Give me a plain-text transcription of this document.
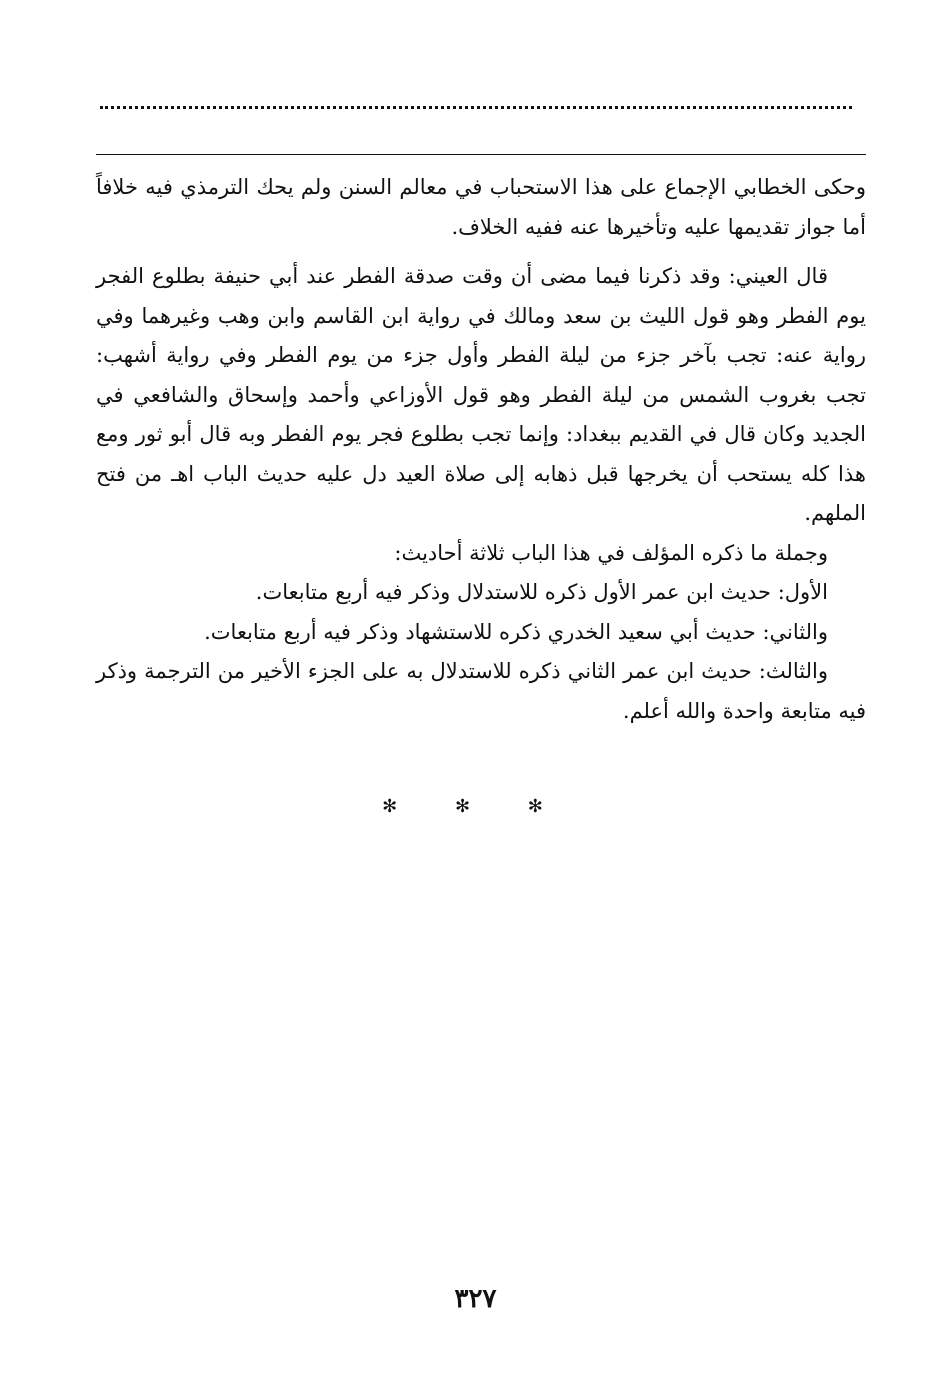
وحكى الخطابي الإجماع على هذا الاستحباب في معالم السنن ولم يحك الترمذي فيه خلافاً أما جواز تقديمها عليه وتأخيرها عنه ففيه الخلاف.

قال العيني: وقد ذكرنا فيما مضى أن وقت صدقة الفطر عند أبي حنيفة بطلوع الفجر يوم الفطر وهو قول الليث بن سعد ومالك في رواية ابن القاسم وابن وهب وغيرهما وفي رواية عنه: تجب بآخر جزء من ليلة الفطر وأول جزء من يوم الفطر وفي رواية أشهب: تجب بغروب الشمس من ليلة الفطر وهو قول الأوزاعي وأحمد وإسحاق والشافعي في الجديد وكان قال في القديم ببغداد: وإنما تجب بطلوع فجر يوم الفطر وبه قال أبو ثور ومع هذا كله يستحب أن يخرجها قبل ذهابه إلى صلاة العيد دل عليه حديث الباب اهـ من فتح الملهم.

وجملة ما ذكره المؤلف في هذا الباب ثلاثة أحاديث:

الأول: حديث ابن عمر الأول ذكره للاستدلال وذكر فيه أربع متابعات.

والثاني: حديث أبي سعيد الخدري ذكره للاستشهاد وذكر فيه أربع متابعات.

والثالث: حديث ابن عمر الثاني ذكره للاستدلال به على الجزء الأخير من الترجمة وذكر فيه متابعة واحدة والله أعلم.

✻ ✻ ✻
٣٢٧
